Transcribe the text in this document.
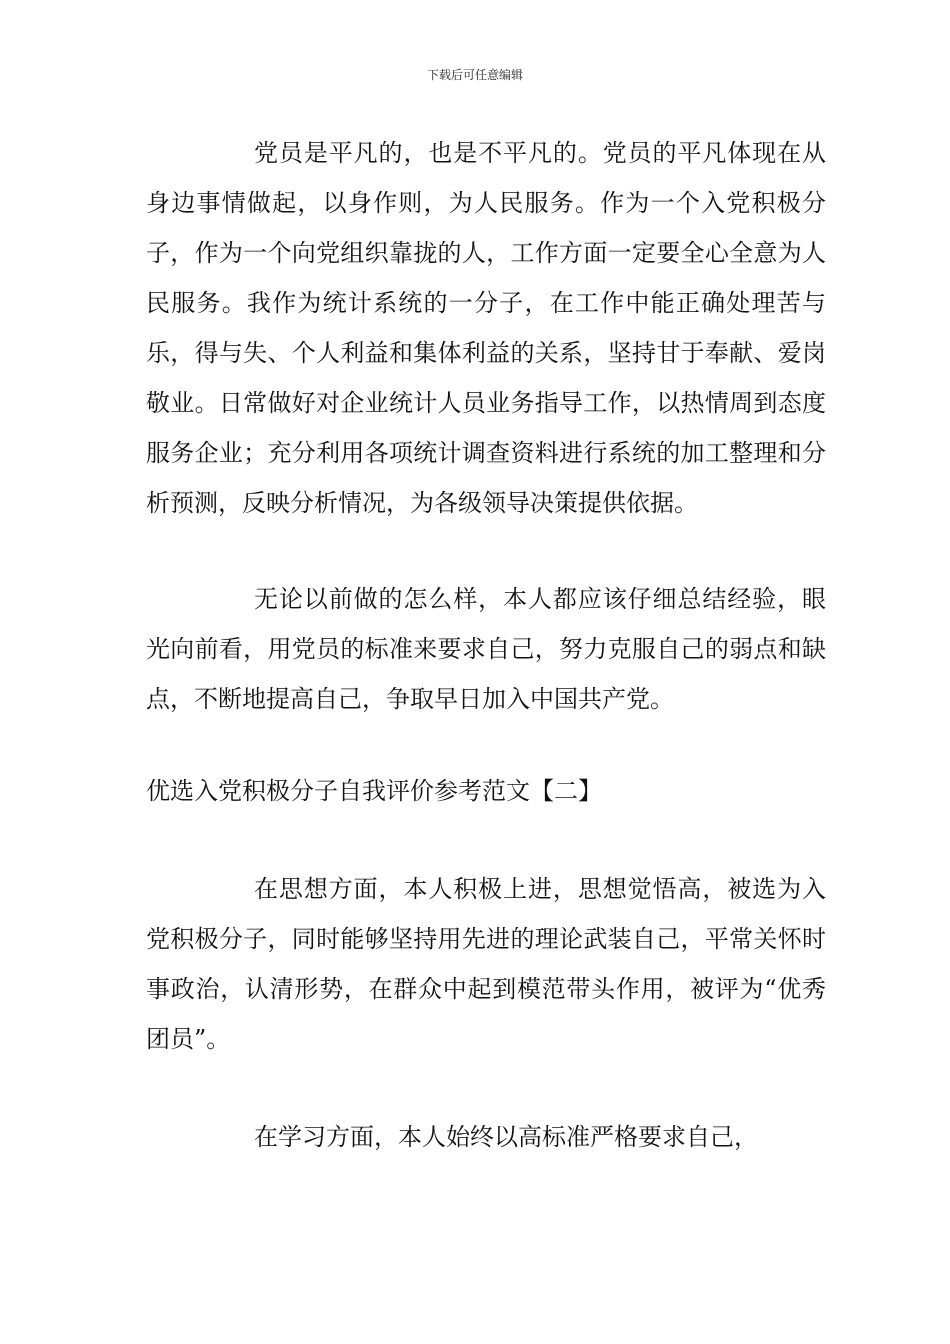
下载后可任意编辑

党员是平凡的，也是不平凡的。党员的平凡体现在从身边事情做起，以身作则，为人民服务。作为一个入党积极分子，作为一个向党组织靠拢的人，工作方面一定要全心全意为人民服务。我作为统计系统的一分子，在工作中能正确处理苦与乐，得与失、个人利益和集体利益的关系，坚持甘于奉献、爱岗敬业。日常做好对企业统计人员业务指导工作，以热情周到态度服务企业；充分利用各项统计调查资料进行系统的加工整理和分析预测，反映分析情况，为各级领导决策提供依据。

无论以前做的怎么样，本人都应该仔细总结经验，眼光向前看，用党员的标准来要求自己，努力克服自己的弱点和缺点，不断地提高自己，争取早日加入中国共产党。

优选入党积极分子自我评价参考范文【二】

在思想方面，本人积极上进，思想觉悟高，被选为入党积极分子，同时能够坚持用先进的理论武装自己，平常关怀时事政治，认清形势，在群众中起到模范带头作用，被评为“优秀团员”。

在学习方面，本人始终以高标准严格要求自己，
